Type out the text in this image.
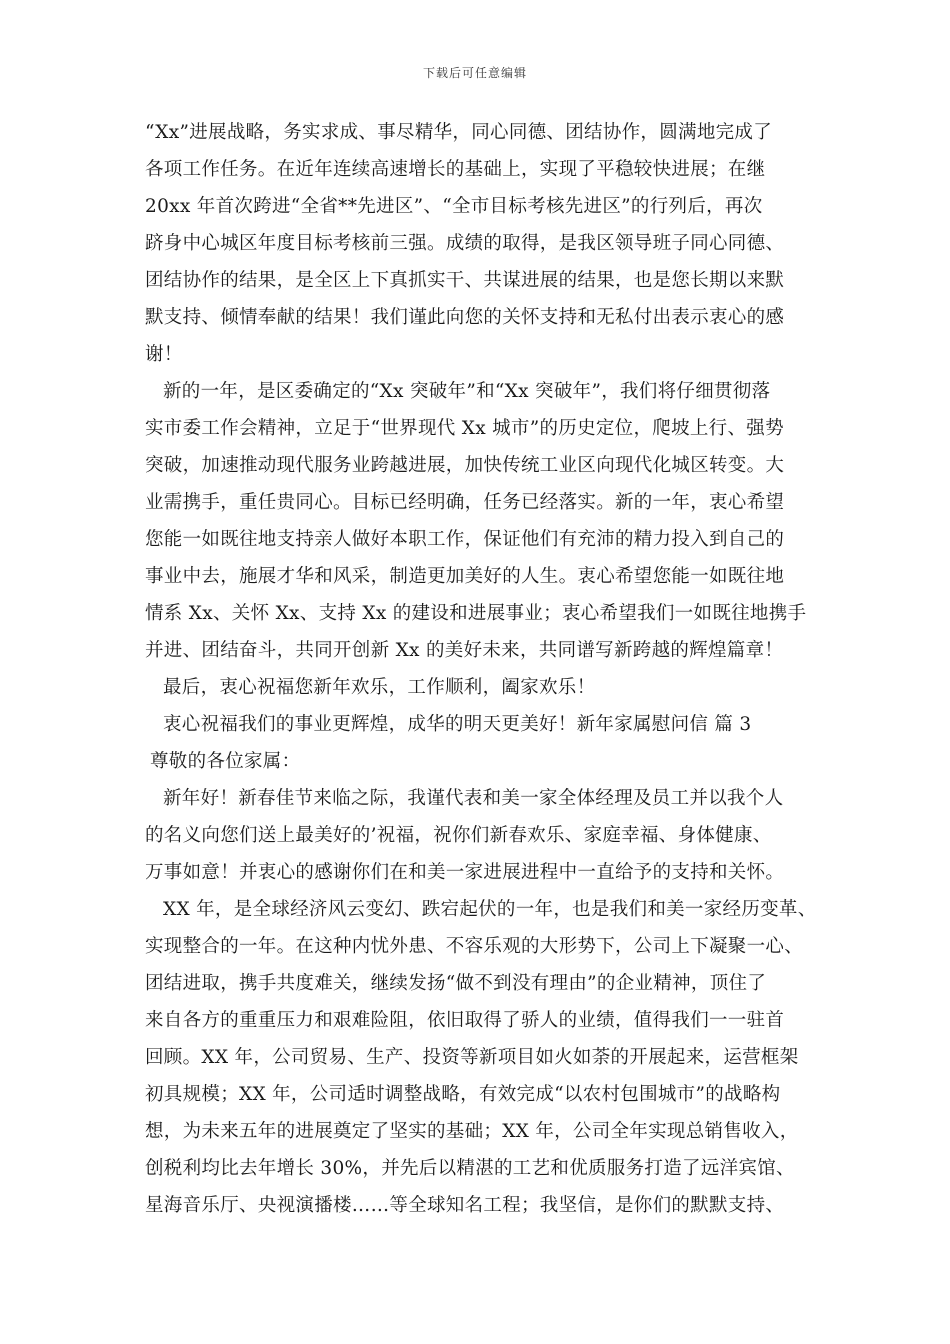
下载后可任意编辑
“Xx”进展战略，务实求成、事尽精华，同心同德、团结协作，圆满地完成了
各项工作任务。在近年连续高速增长的基础上，实现了平稳较快进展；在继
20xx 年首次跨进“全省**先进区”、“全市目标考核先进区”的行列后，再次
跻身中心城区年度目标考核前三强。成绩的取得，是我区领导班子同心同德、
团结协作的结果，是全区上下真抓实干、共谋进展的结果，也是您长期以来默
默支持、倾情奉献的结果！我们谨此向您的关怀支持和无私付出表示衷心的感
谢！
新的一年，是区委确定的“Xx 突破年”和“Xx 突破年”，我们将仔细贯彻落
实市委工作会精神，立足于“世界现代 Xx 城市”的历史定位，爬坡上行、强势
突破，加速推动现代服务业跨越进展，加快传统工业区向现代化城区转变。大
业需携手，重任贵同心。目标已经明确，任务已经落实。新的一年，衷心希望
您能一如既往地支持亲人做好本职工作，保证他们有充沛的精力投入到自己的
事业中去，施展才华和风采，制造更加美好的人生。衷心希望您能一如既往地
情系 Xx、关怀 Xx、支持 Xx 的建设和进展事业；衷心希望我们一如既往地携手
并进、团结奋斗，共同开创新 Xx 的美好未来，共同谱写新跨越的辉煌篇章！
最后，衷心祝福您新年欢乐，工作顺利，阖家欢乐！
衷心祝福我们的事业更辉煌，成华的明天更美好！新年家属慰问信 篇 3
尊敬的各位家属：
新年好！新春佳节来临之际，我谨代表和美一家全体经理及员工并以我个人
的名义向您们送上最美好的’祝福，祝你们新春欢乐、家庭幸福、身体健康、
万事如意！并衷心的感谢你们在和美一家进展进程中一直给予的支持和关怀。
XX 年，是全球经济风云变幻、跌宕起伏的一年，也是我们和美一家经历变革、
实现整合的一年。在这种内忧外患、不容乐观的大形势下，公司上下凝聚一心、
团结进取，携手共度难关，继续发扬“做不到没有理由”的企业精神，顶住了
来自各方的重重压力和艰难险阻，依旧取得了骄人的业绩，值得我们一一驻首
回顾。XX 年，公司贸易、生产、投资等新项目如火如荼的开展起来，运营框架
初具规模；XX 年，公司适时调整战略，有效完成“以农村包围城市”的战略构
想，为未来五年的进展奠定了坚实的基础；XX 年，公司全年实现总销售收入，
创税利均比去年增长 30%，并先后以精湛的工艺和优质服务打造了远洋宾馆、
星海音乐厅、央视演播楼……等全球知名工程；我坚信，是你们的默默支持、
